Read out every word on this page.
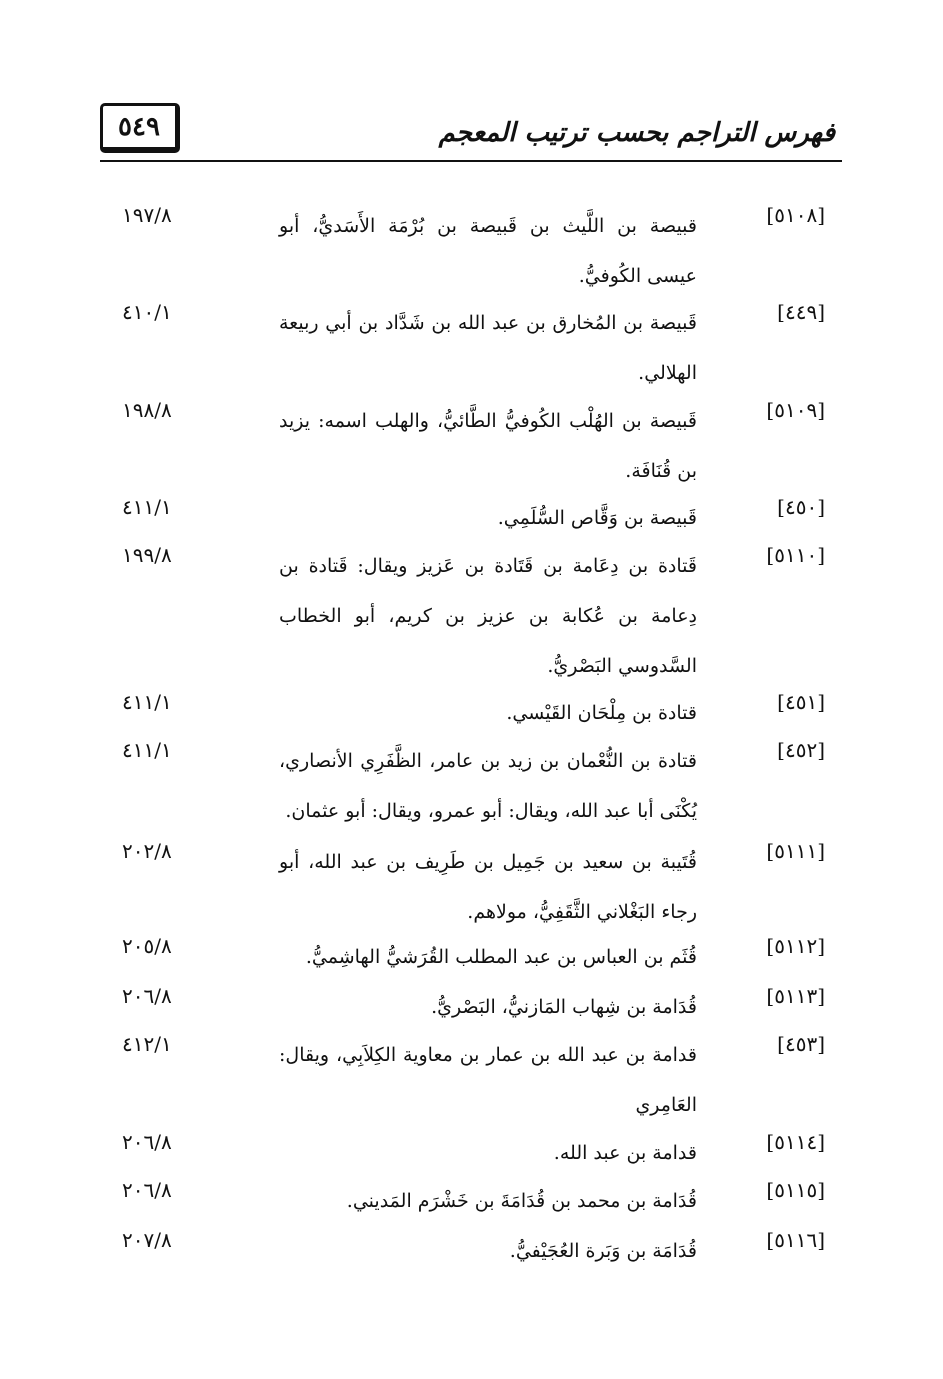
٥٤٩	فهرس التراجم بحسب ترتيب المعجم
[٥١٠٨]
قبيصة بن اللَّيث بن قَبيصة بن بُرْمَة الأَسَديُّ، أبو عيسى الكُوفيُّ.
١٩٧/٨
[٤٤٩]
قَبيصة بن المُخارق بن عبد الله بن شَدَّاد بن أبي ربيعة الهلالي.
٤١٠/١
[٥١٠٩]
قَبيصة بن الهُلْب الكُوفيُّ الطَّائيُّ، والهلب اسمه: يزيد بن قُنَافَة.
١٩٨/٨
[٤٥٠]
قَبيصة بن وَقَّاص السُّلَمِي.
٤١١/١
[٥١١٠]
قَتادة بن دِعَامة بن قَتَادة بن عَزيز ويقال: قَتادة بن دِعامة بن عُكابة بن عزيز بن كريم، أبو الخطاب السَّدوسي البَصْريُّ.
١٩٩/٨
[٤٥١]
قتادة بن مِلْحَان القَيْسي.
٤١١/١
[٤٥٢]
قتادة بن النُّعْمان بن زيد بن عامر، الظَّفَرِي الأنصاري، يُكْنَى أبا عبد الله، ويقال: أبو عمرو، ويقال: أبو عثمان.
٤١١/١
[٥١١١]
قُتَيبة بن سعيد بن جَمِيل بن طَرِيف بن عبد الله، أبو رجاء البَغْلاني الثَّقَفِيُّ، مولاهم.
٢٠٢/٨
[٥١١٢]
قُثَم بن العباس بن عبد المطلب القُرَشيُّ الهاشِميُّ.
٢٠٥/٨
[٥١١٣]
قُدَامة بن شِهاب المَازنيُّ، البَصْريُّ.
٢٠٦/٨
[٤٥٣]
قدامة بن عبد الله بن عمار بن معاوية الكِلاَبِي، ويقال: العَامِري
٤١٢/١
[٥١١٤]
قدامة بن عبد الله.
٢٠٦/٨
[٥١١٥]
قُدَامة بن محمد بن قُدَامَةَ بن خَشْرَم المَديني.
٢٠٦/٨
[٥١١٦]
قُدَامَة بن وَبَرة العُجَيْفيُّ.
٢٠٧/٨
